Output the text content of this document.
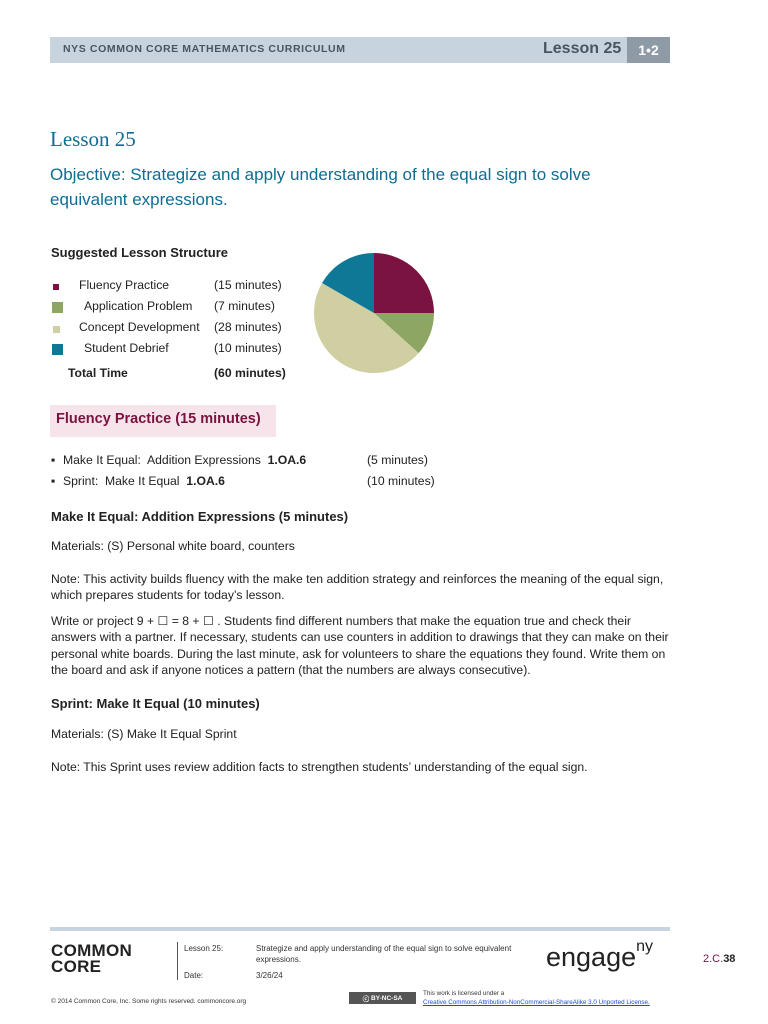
NYS COMMON CORE MATHEMATICS CURRICULUM	Lesson 25	1•2
Lesson 25
Objective: Strategize and apply understanding of the equal sign to solve equivalent expressions.
Suggested Lesson Structure
Fluency Practice	(15 minutes)
Application Problem (7 minutes)
Concept Development (28 minutes)
Student Debrief	(10 minutes)
Total Time	(60 minutes)
Fluency Practice (15 minutes)
▪ Make It Equal:  Addition Expressions  1.OA.6	(5 minutes)
▪ Sprint:  Make It Equal  1.OA.6	(10 minutes)
Make It Equal: Addition Expressions (5 minutes)
Materials: (S) Personal white board, counters
Note: This activity builds fluency with the make ten addition strategy and reinforces the meaning of the equal sign, which prepares students for today’s lesson.
Write or project 9 + ☐ = 8 + ☐ . Students find different numbers that make the equation true and check their answers with a partner. If necessary, students can use counters in addition to drawings that they can make on their personal white boards. During the last minute, ask for volunteers to share the equations they found. Write them on the board and ask if anyone notices a pattern (that the numbers are always consecutive).
Sprint: Make It Equal (10 minutes)
Materials: (S) Make It Equal Sprint
Note: This Sprint uses review addition facts to strengthen students’ understanding of the equal sign.
COMMON
CORE
Lesson 25:	Strategize and apply understanding of the equal sign to solve equivalent expressions.
Date:	3/26/24
engage$^{ny}$
2.C.38
© 2014 Common Core, Inc. Some rights reserved. commoncore.org	ⓒ BY-NC-SA
This work is licensed under a
Creative Commons Attribution-NonCommercial-ShareAlike 3.0 Unported License.
